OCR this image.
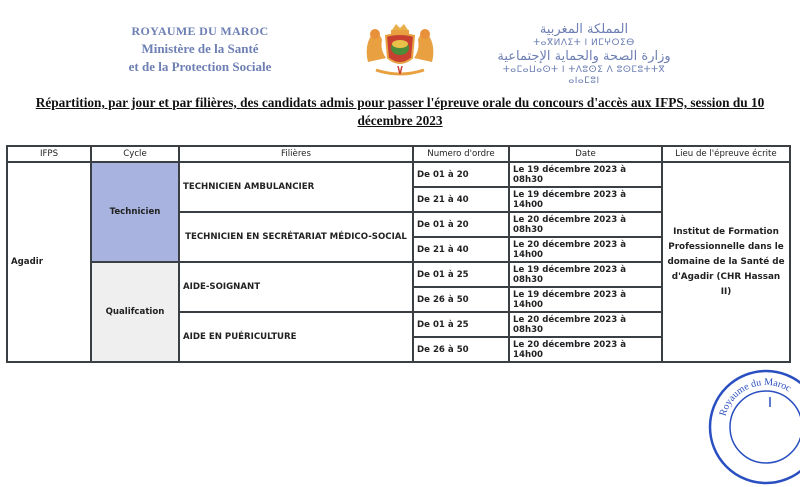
ROYAUME DU MAROC
Ministère de la Santé
et de la Protection Sociale
المملكة المغربية
ⵜⴰⴳⵍⴷⵉⵜ ⵏ ⵍⵎⵖⵔⵉⴱ
وزارة الصحة والحماية الإجتماعية
ⵜⴰⵎⴰⵡⴰⵙⵜ ⵏ ⵜⴷⵓⵙⵉ ⴷ ⵓⵙⵎⵓⵜⵜⴳ ⴰⵏⴰⵎⵓⵏ
Répartition, par jour et par filières, des candidats admis pour passer l'épreuve orale du concours d'accès aux IFPS, session du 10
décembre 2023
IFPS	Cycle	Filières	Numero d'ordre	Date	Lieu de l'épreuve écrite
Agadir	Technicien	TECHNICIEN AMBULANCIER	De 01 à 20	Le 19 décembre 2023 à 08h30	Institut de Formation Professionnelle dans le domaine de la Santé de d'Agadir (CHR Hassan II)
			De 21 à 40	Le 19 décembre 2023 à 14h00	
		TECHNICIEN EN SECRÉTARIAT MÉDICO-SOCIAL	De 01 à 20	Le 20 décembre 2023 à 08h30	
			De 21 à 40	Le 20 décembre 2023 à 14h00	
	Qualifcation	AIDE-SOIGNANT	De 01 à 25	Le 19 décembre 2023 à 08h30	
			De 26 à 50	Le 19 décembre 2023 à 14h00	
		AIDE EN PUÉRICULTURE	De 01 à 25	Le 20 décembre 2023 à 08h30	
			De 26 à 50	Le 20 décembre 2023 à 14h00	
Royaume du Maroc
